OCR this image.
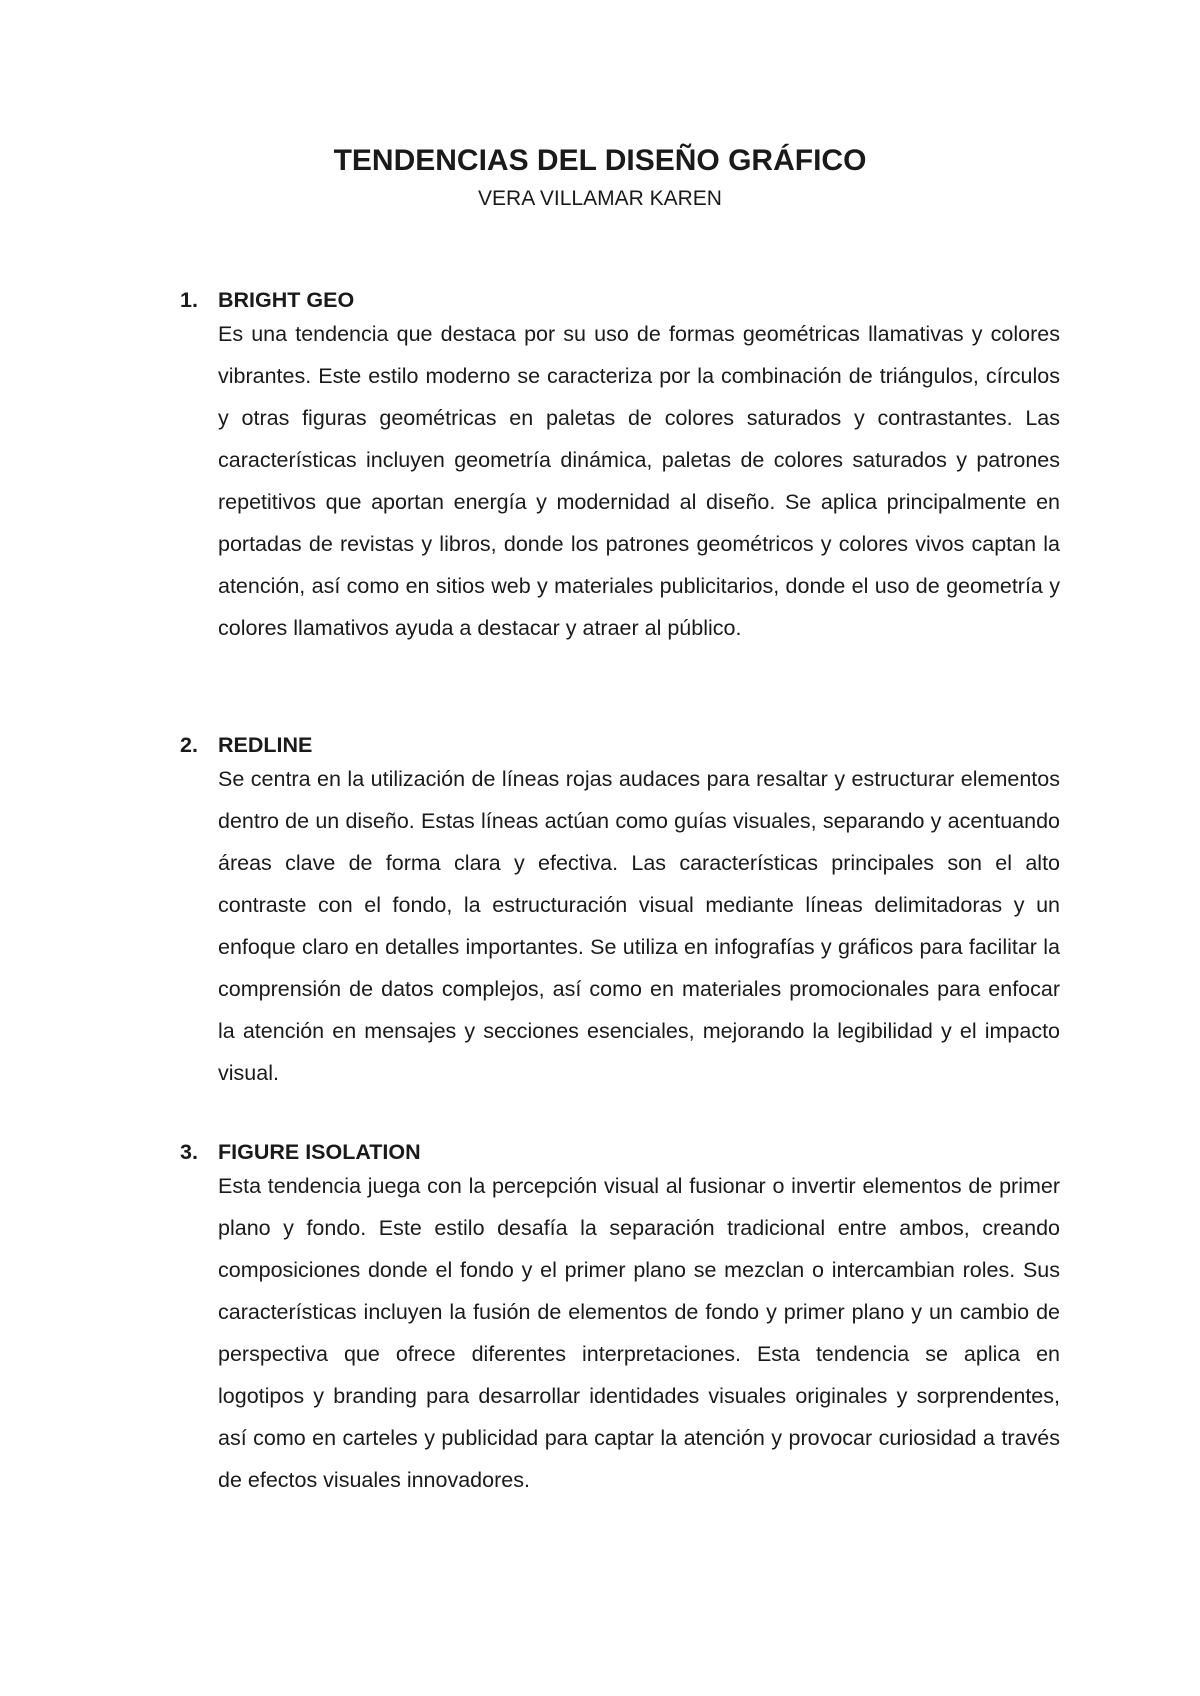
TENDENCIAS DEL DISEÑO GRÁFICO

VERA VILLAMAR KAREN

1. BRIGHT GEO

Es una tendencia que destaca por su uso de formas geométricas llamativas y colores vibrantes. Este estilo moderno se caracteriza por la combinación de triángulos, círculos y otras figuras geométricas en paletas de colores saturados y contrastantes. Las características incluyen geometría dinámica, paletas de colores saturados y patrones repetitivos que aportan energía y modernidad al diseño. Se aplica principalmente en portadas de revistas y libros, donde los patrones geométricos y colores vivos captan la atención, así como en sitios web y materiales publicitarios, donde el uso de geometría y colores llamativos ayuda a destacar y atraer al público.

2. REDLINE

Se centra en la utilización de líneas rojas audaces para resaltar y estructurar elementos dentro de un diseño. Estas líneas actúan como guías visuales, separando y acentuando áreas clave de forma clara y efectiva. Las características principales son el alto contraste con el fondo, la estructuración visual mediante líneas delimitadoras y un enfoque claro en detalles importantes. Se utiliza en infografías y gráficos para facilitar la comprensión de datos complejos, así como en materiales promocionales para enfocar la atención en mensajes y secciones esenciales, mejorando la legibilidad y el impacto visual.

3. FIGURE ISOLATION

Esta tendencia juega con la percepción visual al fusionar o invertir elementos de primer plano y fondo. Este estilo desafía la separación tradicional entre ambos, creando composiciones donde el fondo y el primer plano se mezclan o intercambian roles. Sus características incluyen la fusión de elementos de fondo y primer plano y un cambio de perspectiva que ofrece diferentes interpretaciones. Esta tendencia se aplica en logotipos y branding para desarrollar identidades visuales originales y sorprendentes, así como en carteles y publicidad para captar la atención y provocar curiosidad a través de efectos visuales innovadores.
